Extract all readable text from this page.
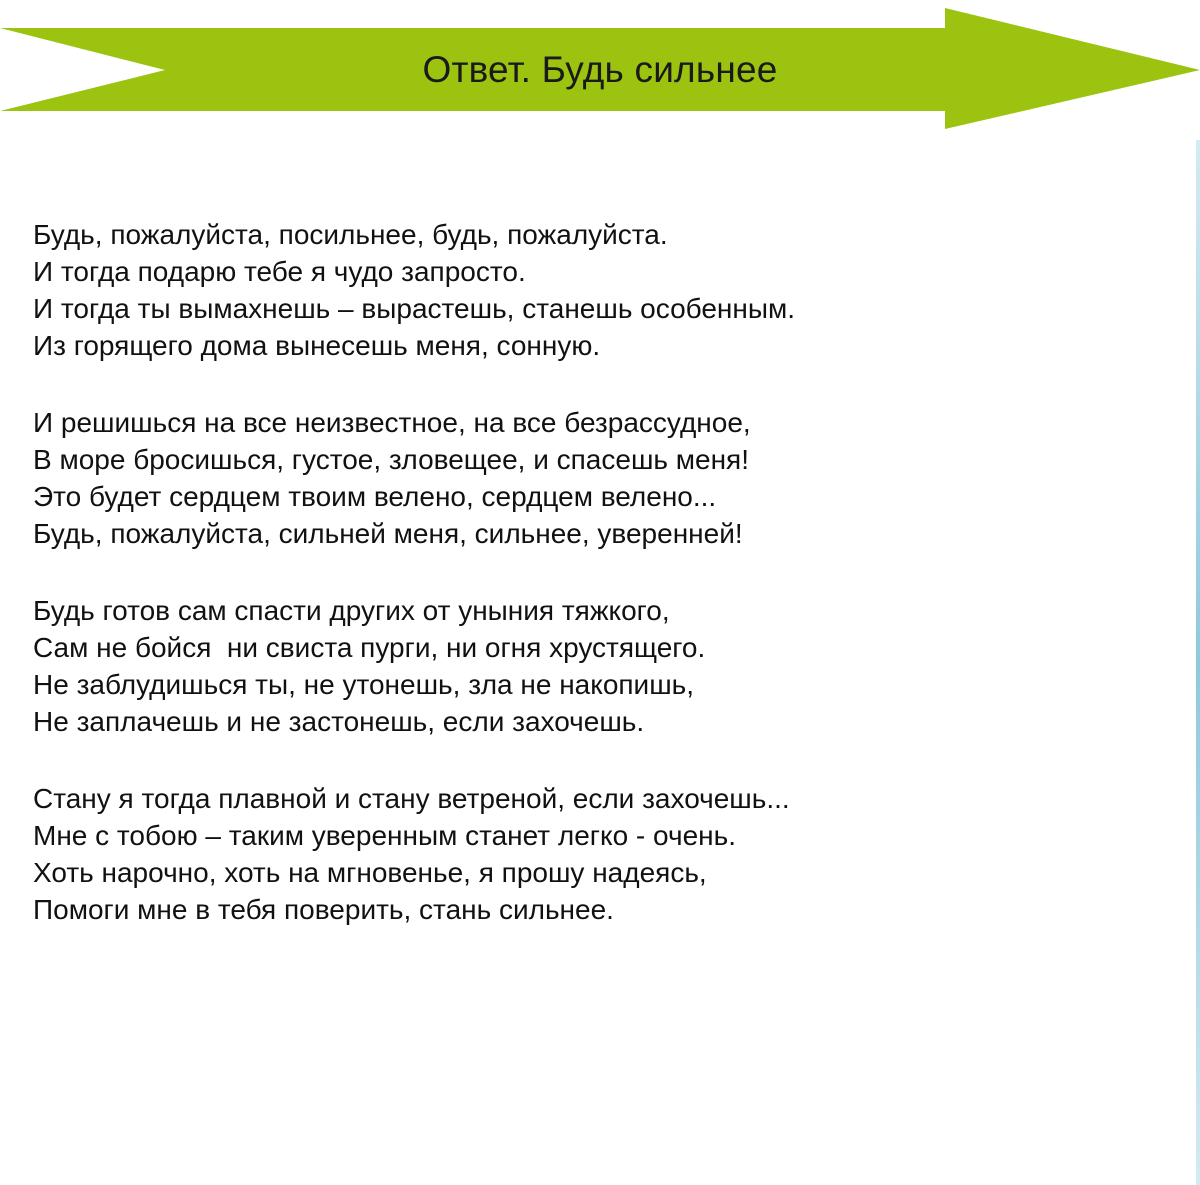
Ответ. Будь сильнее

Будь, пожалуйста, посильнее, будь, пожалуйста.
И тогда подарю тебе я чудо запросто.
И тогда ты вымахнешь – вырастешь, станешь особенным.
Из горящего дома вынесешь меня, сонную.

И решишься на все неизвестное, на все безрассудное,
В море бросишься, густое, зловещее, и спасешь меня!
Это будет сердцем твоим велено, сердцем велено...
Будь, пожалуйста, сильней меня, сильнее, уверенней!

Будь готов сам спасти других от уныния тяжкого,
Сам не бойся  ни свиста пурги, ни огня хрустящего.
Не заблудишься ты, не утонешь, зла не накопишь,
Не заплачешь и не застонешь, если захочешь.

Стану я тогда плавной и стану ветреной, если захочешь...
Мне с тобою – таким уверенным станет легко - очень.
Хоть нарочно, хоть на мгновенье, я прошу надеясь,
Помоги мне в тебя поверить, стань сильнее.
